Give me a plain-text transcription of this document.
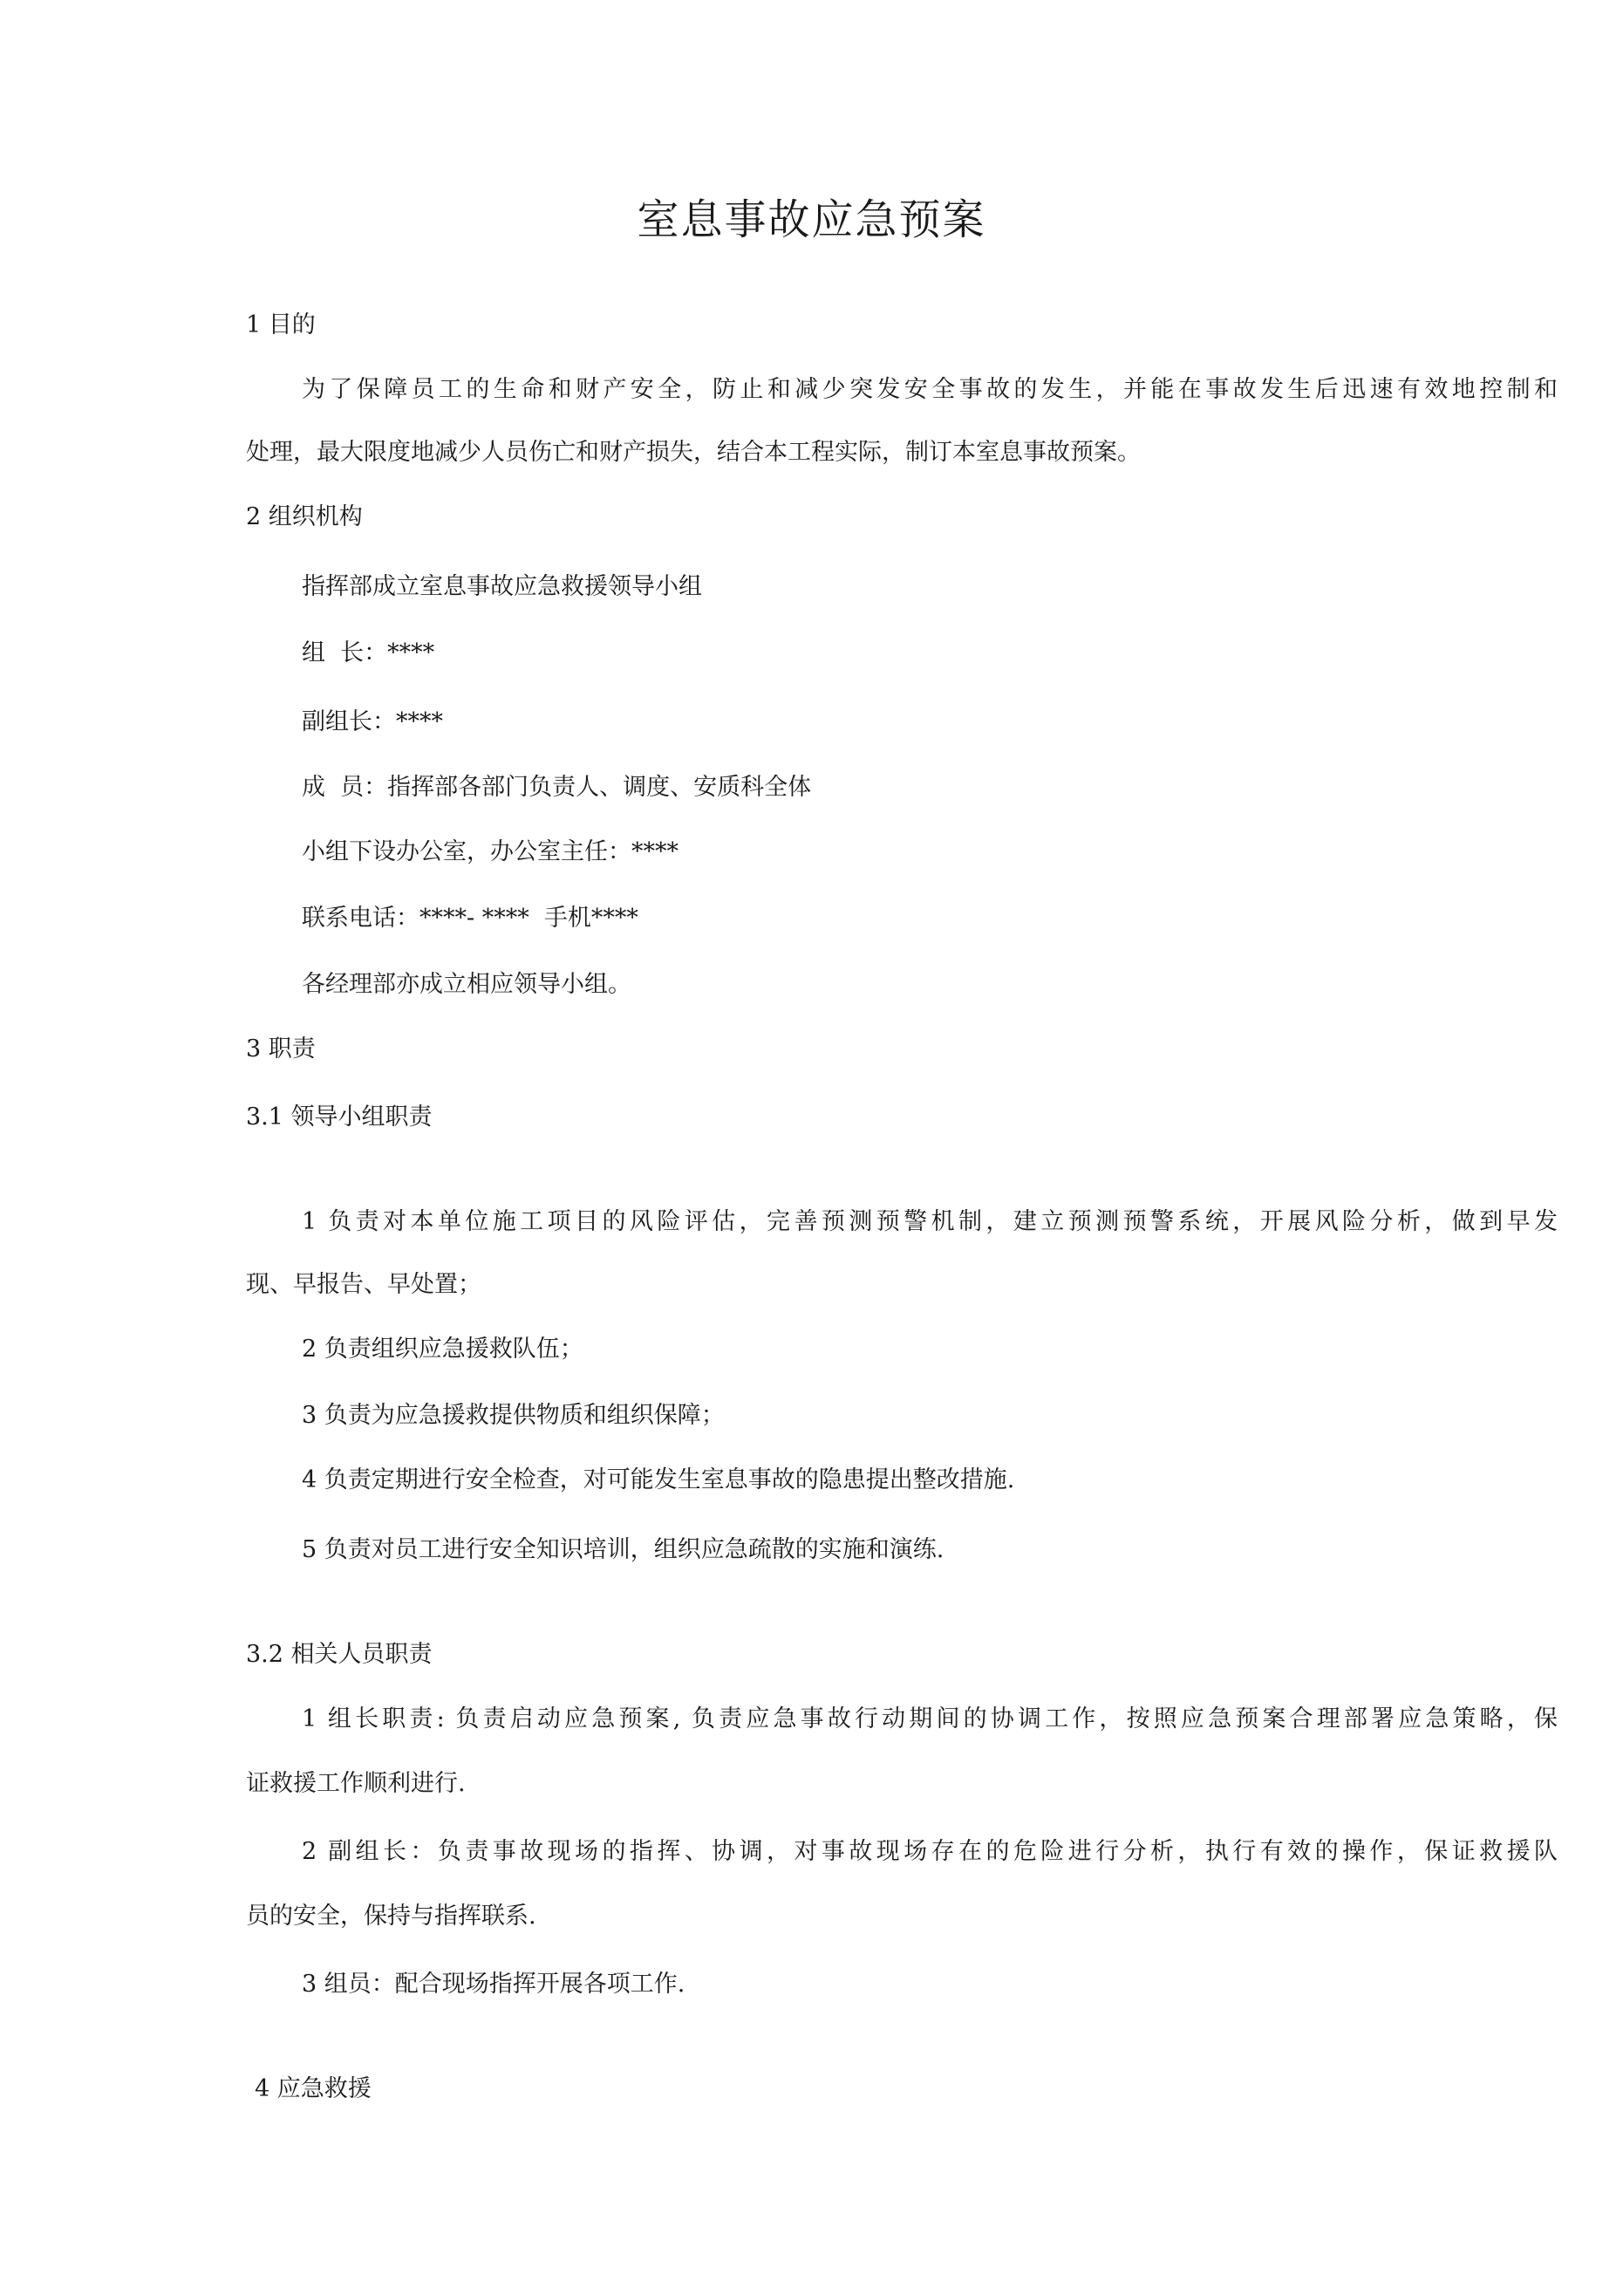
室息事故应急预案

1 目的

为了保障员工的生命和财产安全，防止和减少突发安全事故的发生，并能在事故发生后迅速有效地控制和

处理，最大限度地减少人员伤亡和财产损失，结合本工程实际，制订本室息事故预案。

2 组织机构

指挥部成立室息事故应急救援领导小组

组  长：****

副组长：****

成  员：指挥部各部门负责人、调度、安质科全体

小组下设办公室，办公室主任：****

联系电话：****- ****  手机****

各经理部亦成立相应领导小组。

3 职责

3.1 领导小组职责

1 负责对本单位施工项目的风险评估，完善预测预警机制，建立预测预警系统，开展风险分析，做到早发

现、早报告、早处置；

2 负责组织应急援救队伍；

3 负责为应急援救提供物质和组织保障；

4 负责定期进行安全检查，对可能发生室息事故的隐患提出整改措施.

5 负责对员工进行安全知识培训，组织应急疏散的实施和演练.

3.2 相关人员职责

1 组长职责: 负责启动应急预案, 负责应急事故行动期间的协调工作，按照应急预案合理部署应急策略，保

证救援工作顺利进行.

2 副组长：负责事故现场的指挥、协调，对事故现场存在的危险进行分析，执行有效的操作，保证救援队

员的安全，保持与指挥联系.

3 组员：配合现场指挥开展各项工作.

4 应急救援
